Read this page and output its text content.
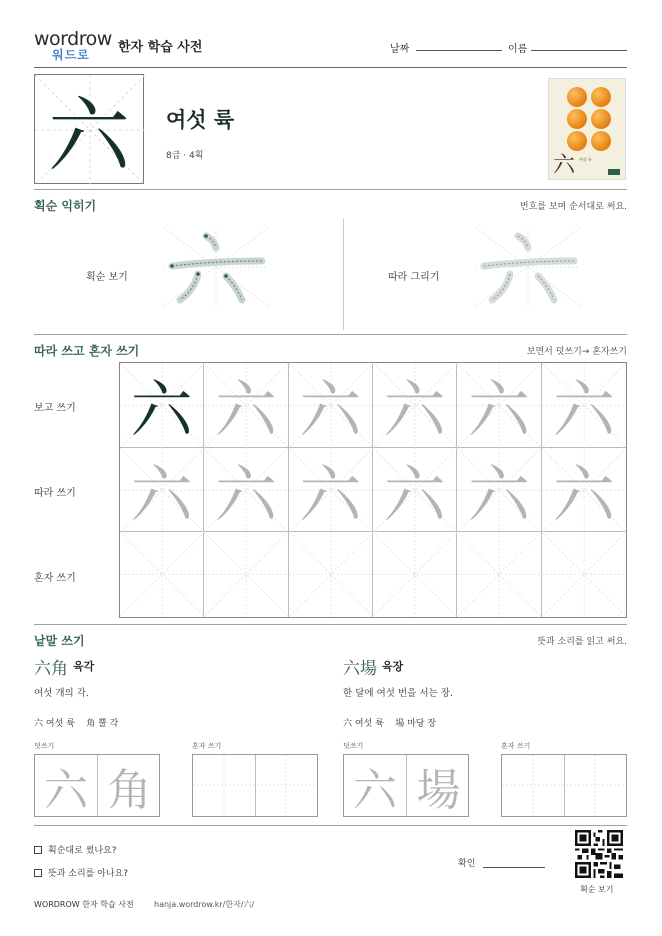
wordrow
워드로 한자 학습 사전	날짜	이름
六	여섯 륙
8급 · 4획	六 여섯 륙
획순 익히기	번호를 보며 순서대로 써요.
획순 보기	따라 그리기
따라 쓰고 혼자 쓰기	보면서 덧쓰기→ 혼자쓰기
보고 쓰기
따라 쓰기
혼자 쓰기
六 六 六 六 六 六
六 六 六 六 六 六
낱말 쓰기	뜻과 소리를 읽고 써요.
六角 육각
여섯 개의 각.
六 여섯 륙    角 뿔 각
덧쓰기	혼자 쓰기
六 角
六場 육장
한 달에 여섯 번을 서는 장.
六 여섯 륙    場 마당 장
덧쓰기	혼자 쓰기
六 場
획순대로 썼나요?
뜻과 소리를 아나요?
확인
획순 보기
WORDROW 한자 학습 사전	hanja.wordrow.kr/한자/六/
